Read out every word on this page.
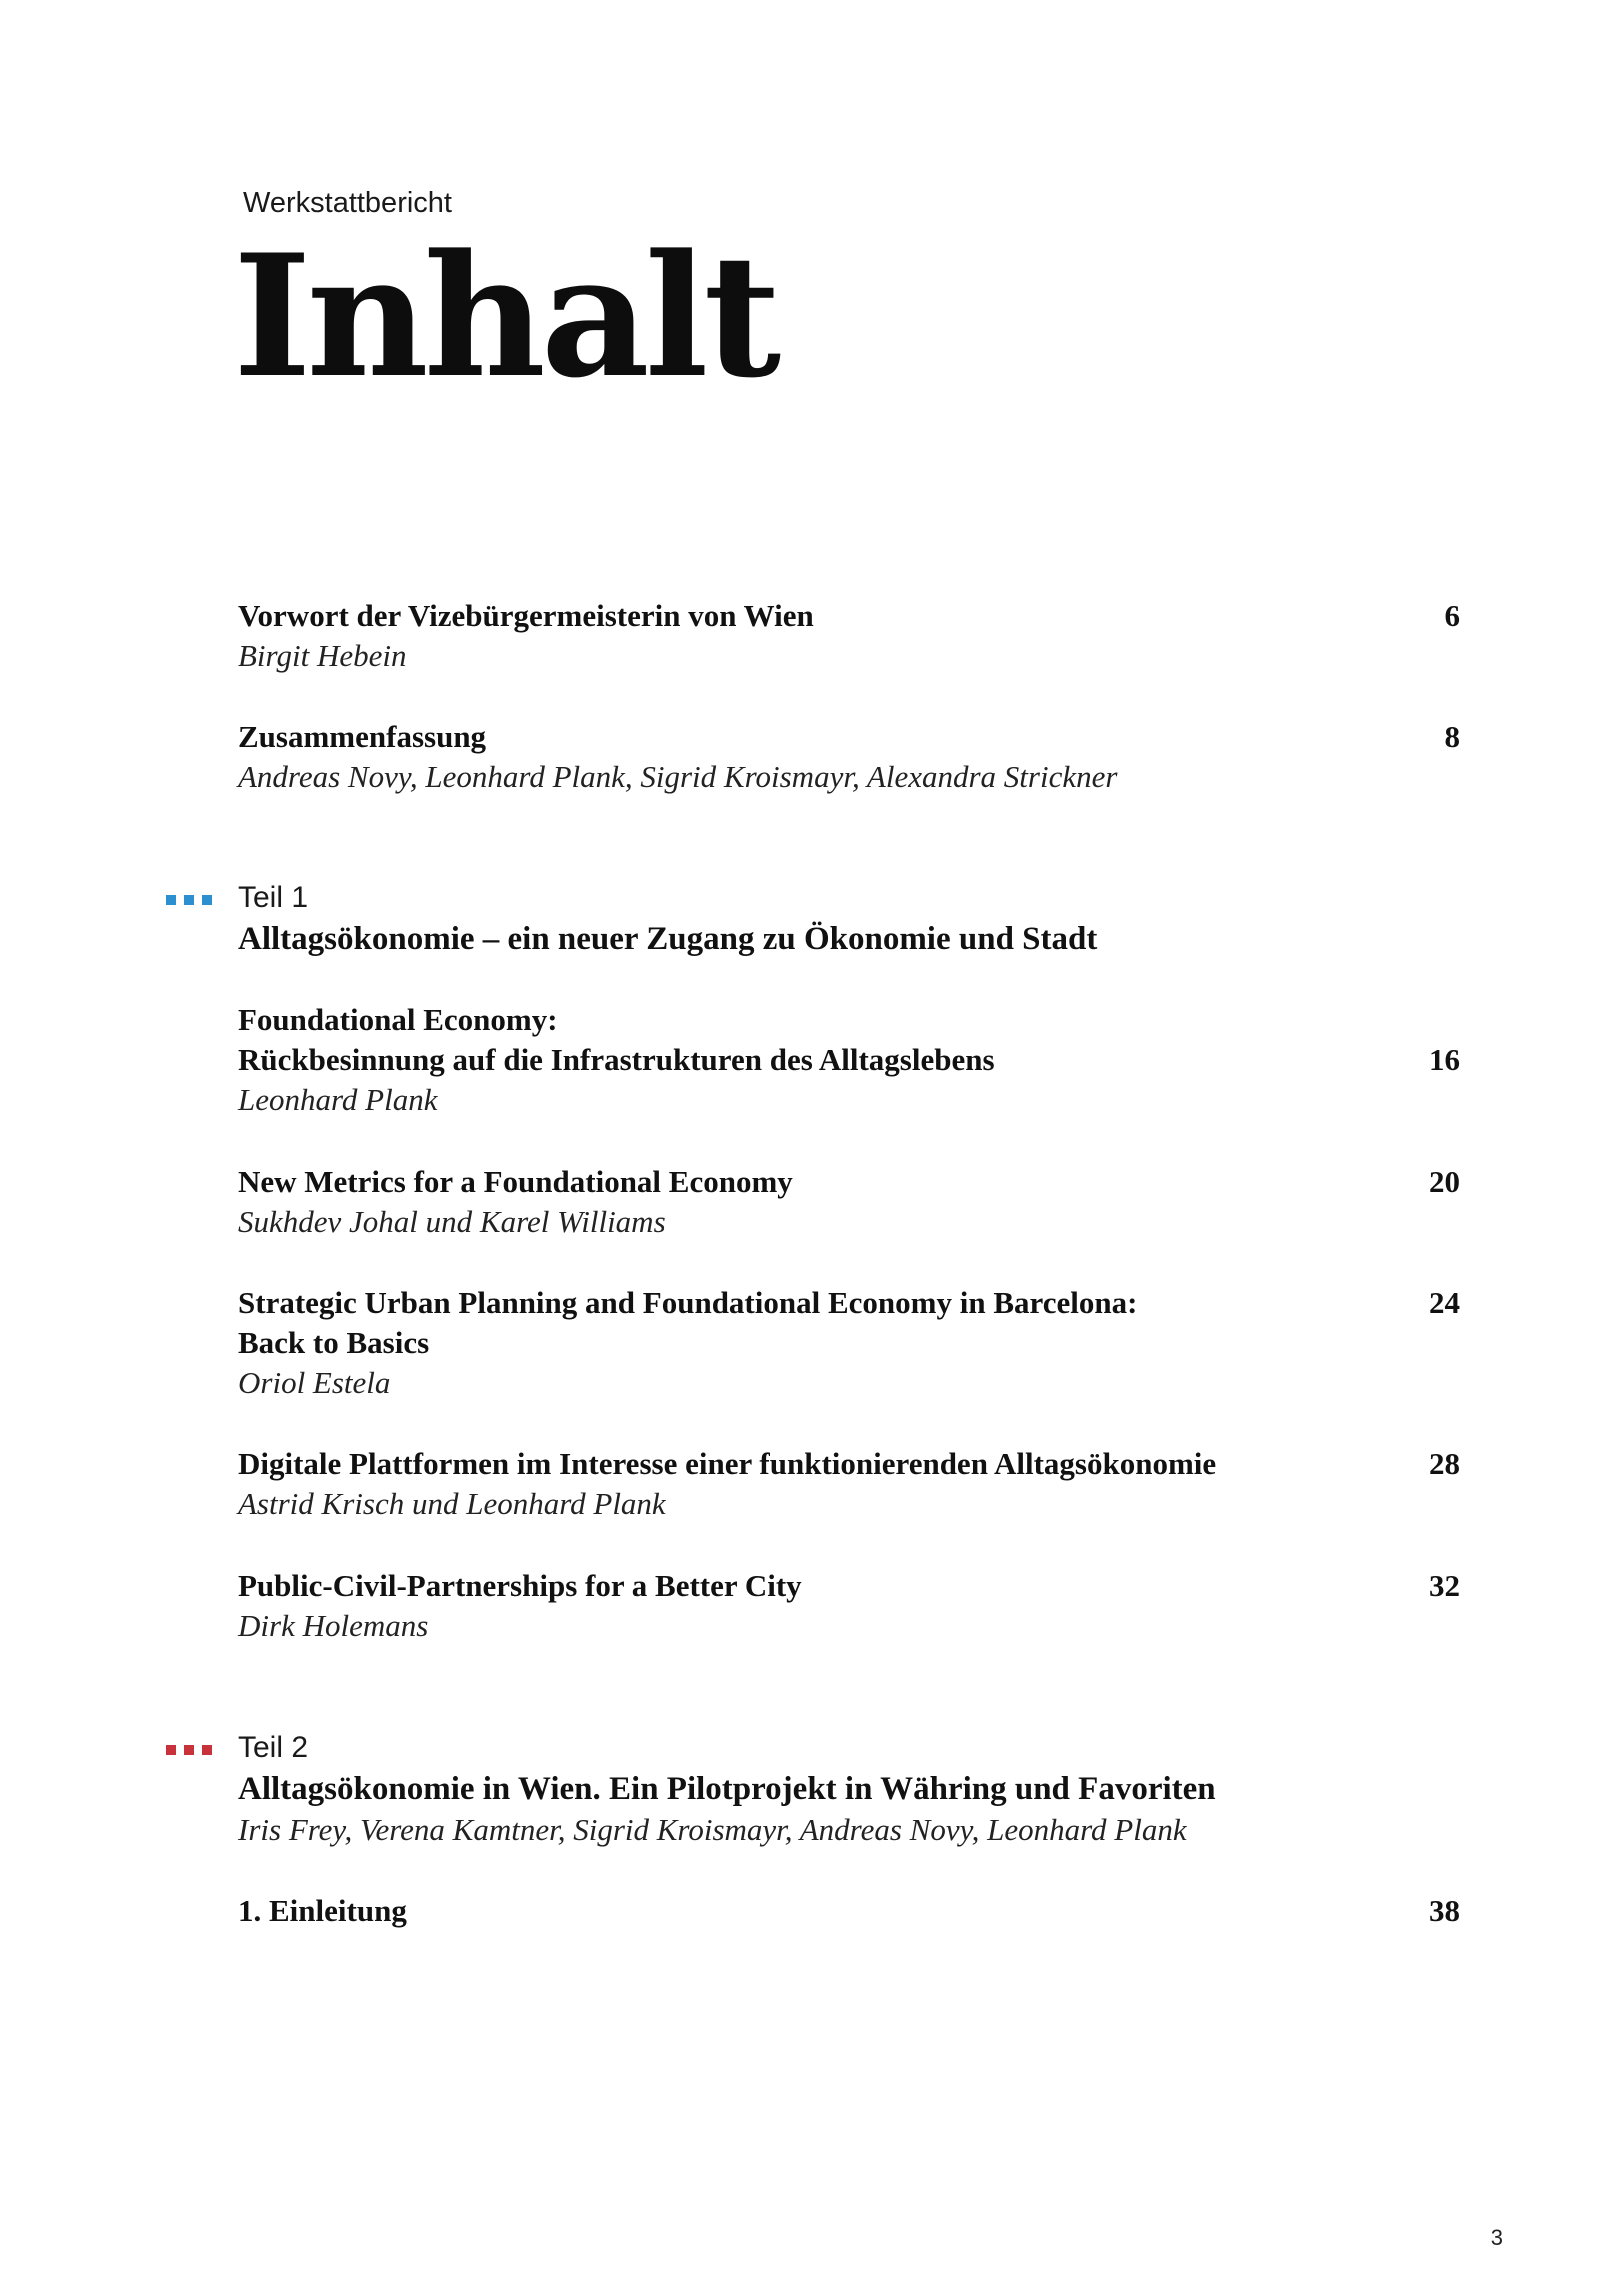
Werkstattbericht
Inhalt
Vorwort der Vizebürgermeisterin von Wien	6
Birgit Hebein
Zusammenfassung	8
Andreas Novy, Leonhard Plank, Sigrid Kroismayr, Alexandra Strickner
Teil 1
Alltagsökonomie – ein neuer Zugang zu Ökonomie und Stadt
Foundational Economy:
Rückbesinnung auf die Infrastrukturen des Alltagslebens	16
Leonhard Plank
New Metrics for a Foundational Economy	20
Sukhdev Johal und Karel Williams
Strategic Urban Planning and Foundational Economy in Barcelona:	24
Back to Basics
Oriol Estela
Digitale Plattformen im Interesse einer funktionierenden Alltagsökonomie	28
Astrid Krisch und Leonhard Plank
Public-Civil-Partnerships for a Better City	32
Dirk Holemans
Teil 2
Alltagsökonomie in Wien. Ein Pilotprojekt in Währing und Favoriten
Iris Frey, Verena Kamtner, Sigrid Kroismayr, Andreas Novy, Leonhard Plank
1. Einleitung	38
3
